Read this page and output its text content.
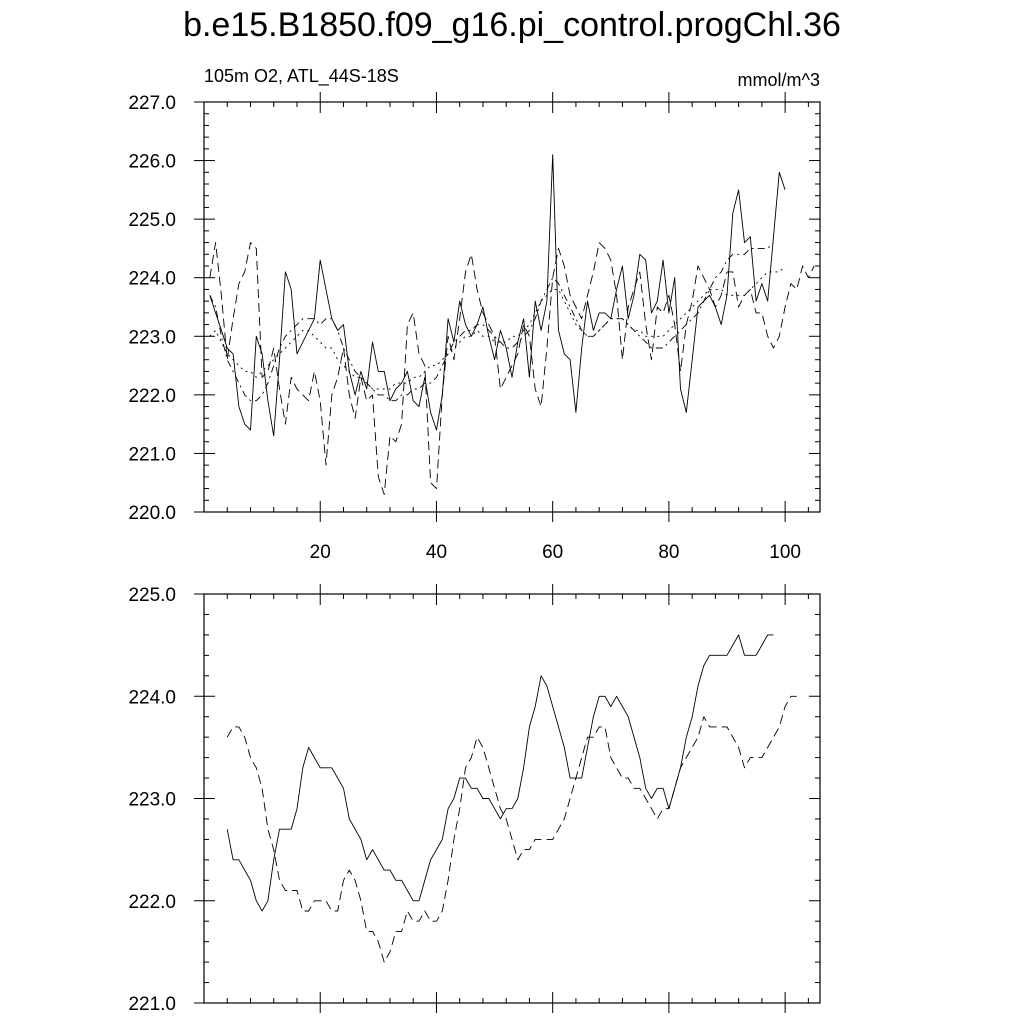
b.e15.B1850.f09_g16.pi_control.progChl.36
105m O2, ATL_44S-18S	mmol/m^3
220.0
221.0
222.0
223.0
224.0
225.0
226.0
227.0
20	40	60	80	100
221.0
222.0
223.0
224.0
225.0
